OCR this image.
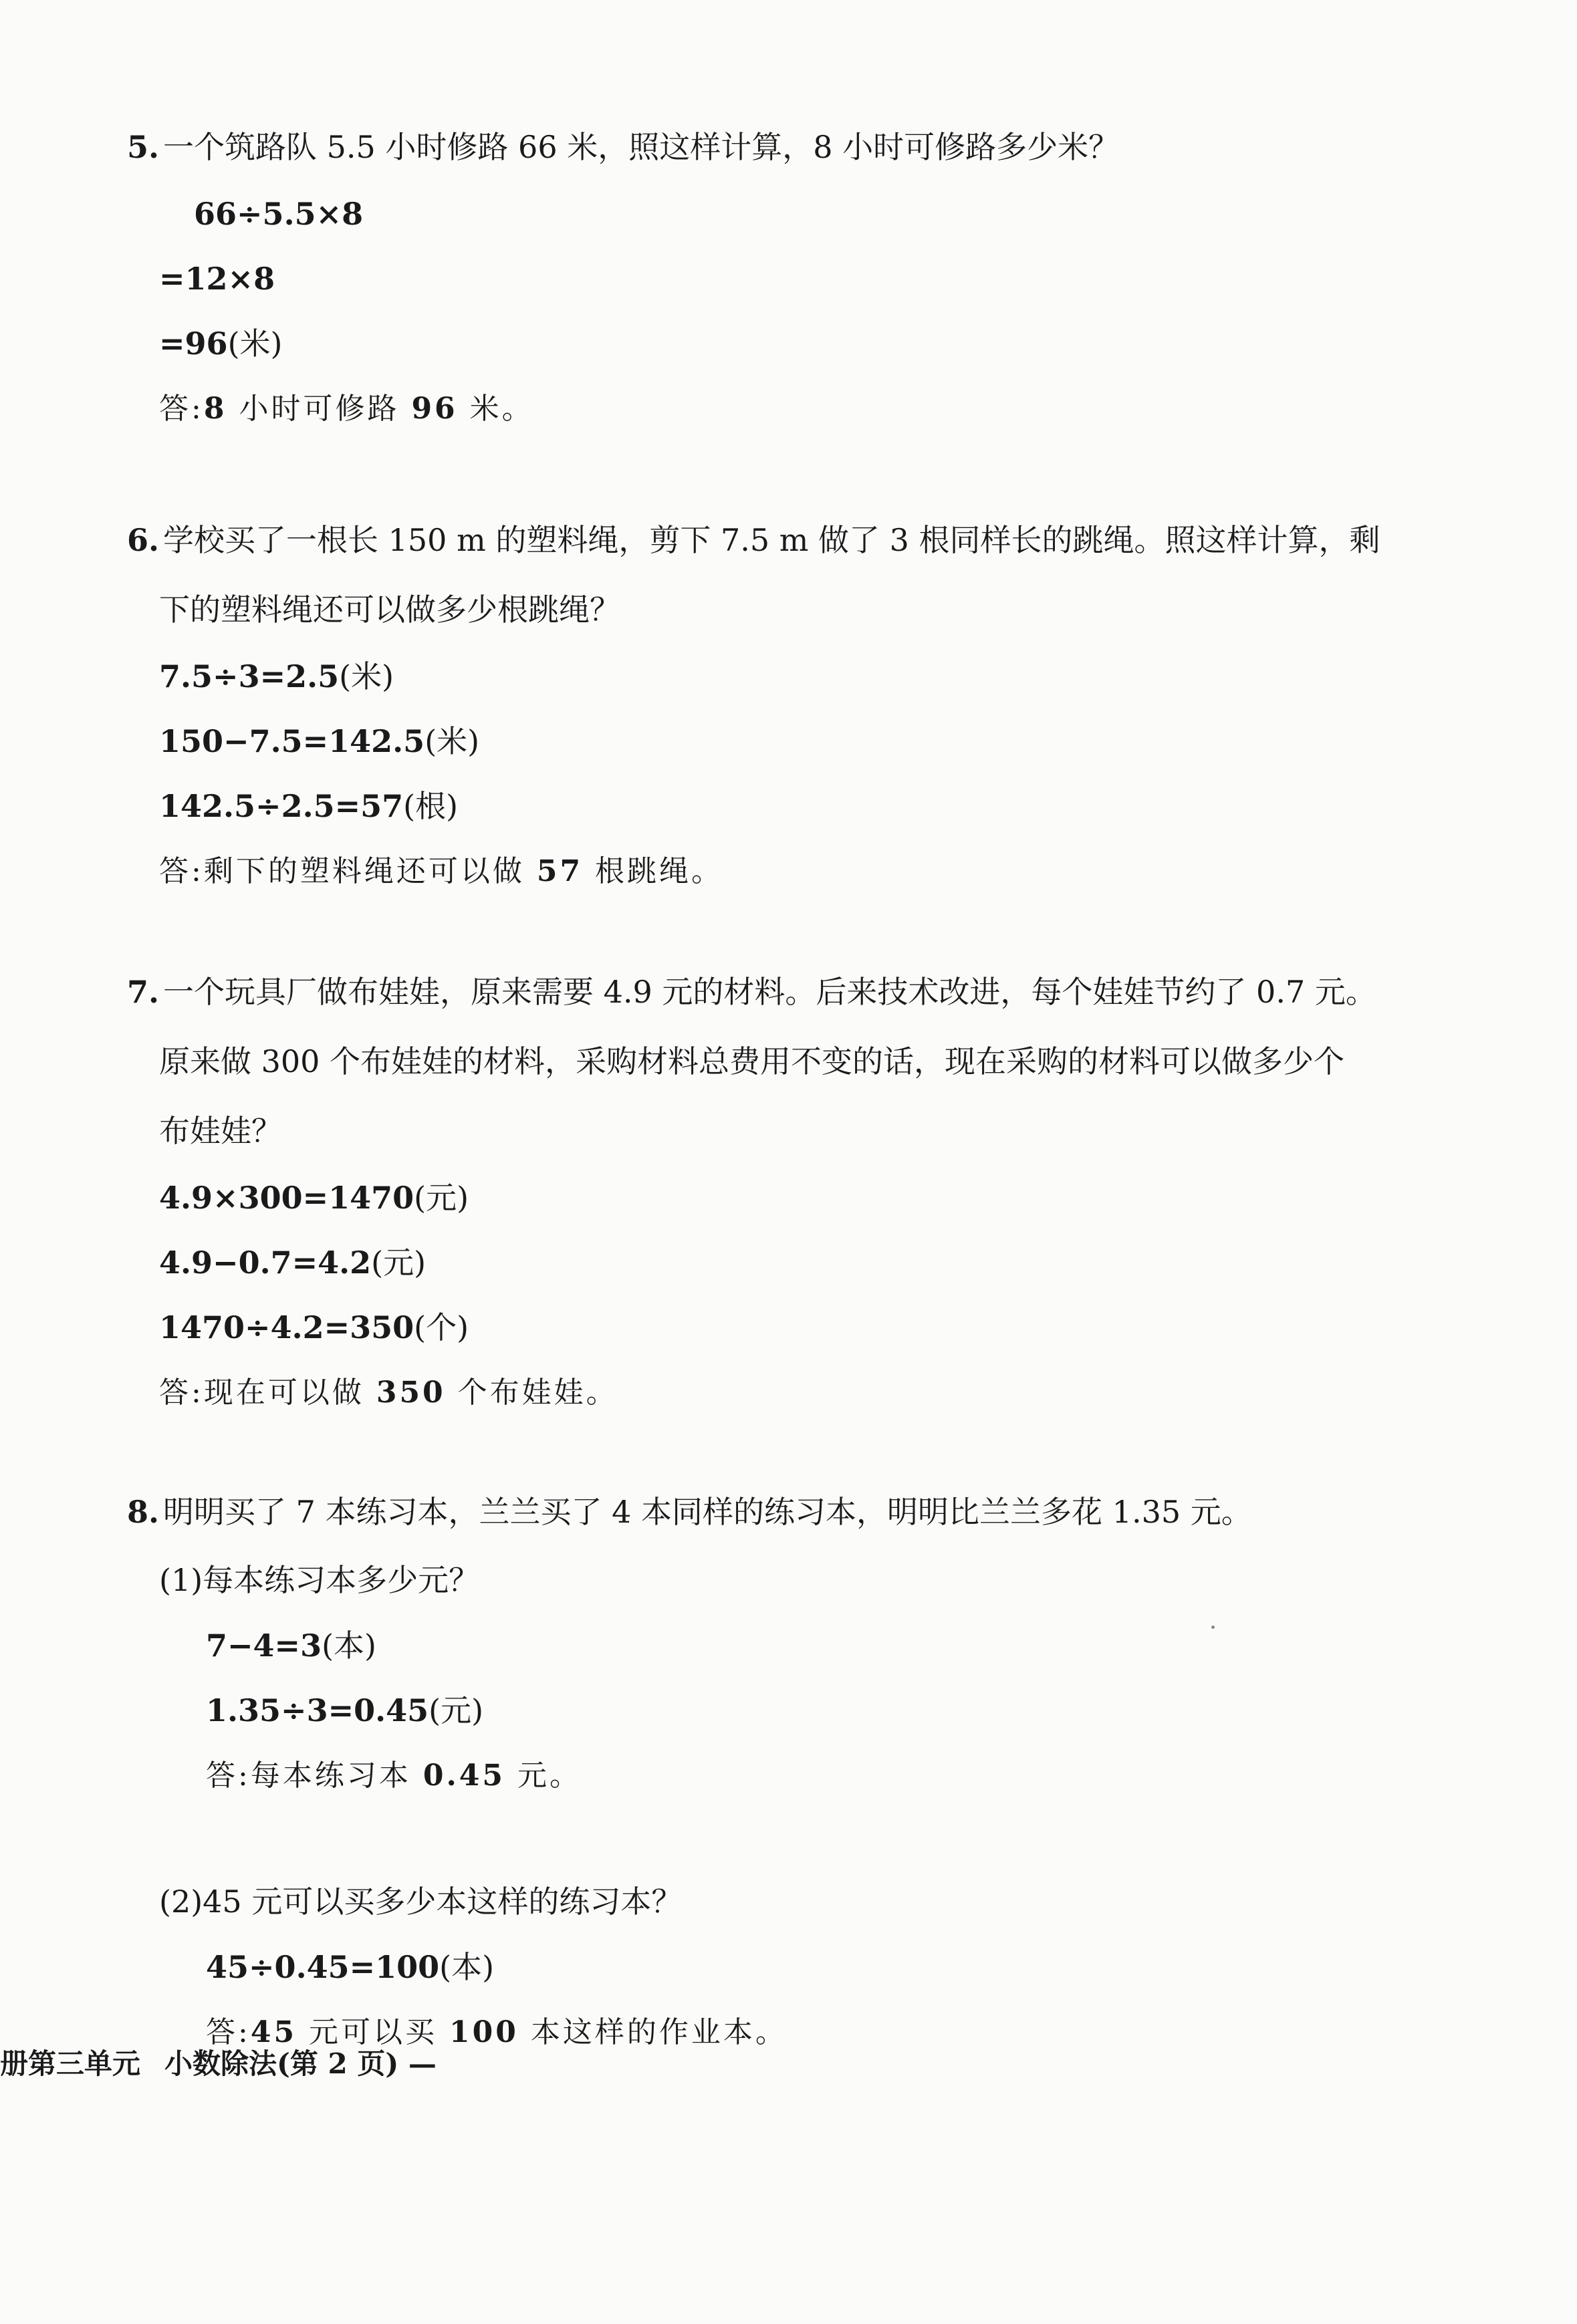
5. 一个筑路队 5.5 小时修路 66 米，照这样计算，8 小时可修路多少米？

66÷5.5×8

=12×8

=96(米)

答:8 小时可修路 96 米。

6. 学校买了一根长 150 m 的塑料绳，剪下 7.5 m 做了 3 根同样长的跳绳。照这样计算，剩

下的塑料绳还可以做多少根跳绳？

7.5÷3=2.5(米)

150−7.5=142.5(米)

142.5÷2.5=57(根)

答:剩下的塑料绳还可以做 57 根跳绳。

7. 一个玩具厂做布娃娃，原来需要 4.9 元的材料。后来技术改进，每个娃娃节约了 0.7 元。

原来做 300 个布娃娃的材料，采购材料总费用不变的话，现在采购的材料可以做多少个

布娃娃？

4.9×300=1470(元)

4.9−0.7=4.2(元)

1470÷4.2=350(个)

答:现在可以做 350 个布娃娃。

8. 明明买了 7 本练习本，兰兰买了 4 本同样的练习本，明明比兰兰多花 1.35 元。

(1)每本练习本多少元？

7−4=3(本)

1.35÷3=0.45(元)

答:每本练习本 0.45 元。

(2)45 元可以买多少本这样的练习本？

45÷0.45=100(本)

答:45 元可以买 100 本这样的作业本。

册第三单元 小数除法(第 2 页) —
